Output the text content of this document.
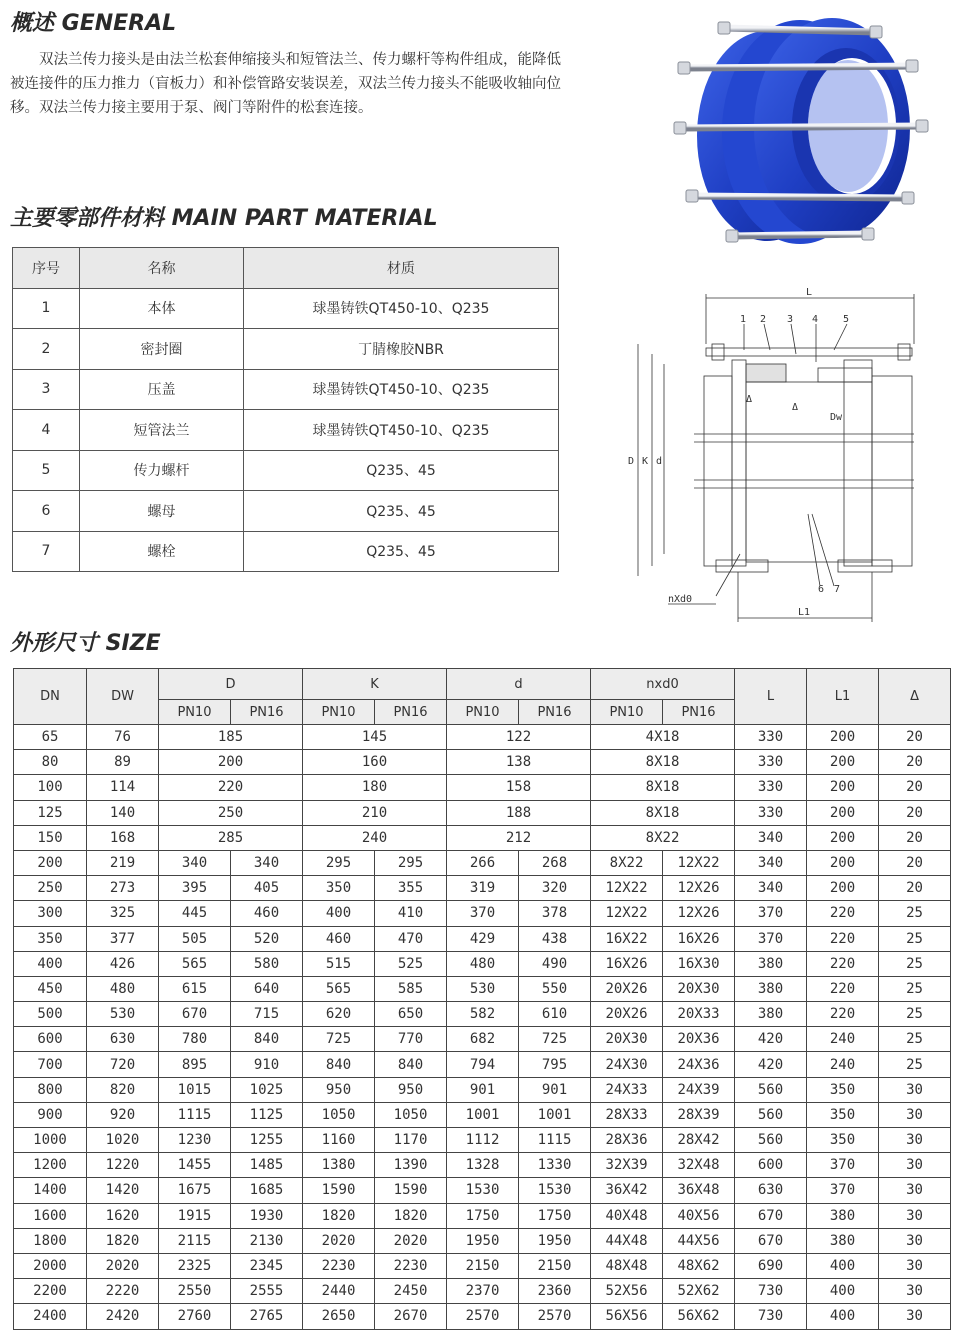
概述 GENERAL
双法兰传力接头是由法兰松套伸缩接头和短管法兰、传力螺杆等构件组成，能降低被连接件的压力推力（盲板力）和补偿管路安装误差，双法兰传力接头不能吸收轴向位移。双法兰传力接主要用于泵、阀门等附件的松套连接。
主要零部件材料 MAIN PART MATERIAL
序号	名称	材质
1	本体	球墨铸铁QT450-10、Q235
2	密封圈	丁腈橡胶NBR
3	压盖	球墨铸铁QT450-10、Q235
4	短管法兰	球墨铸铁QT450-10、Q235
5	传力螺杆	Q235、45
6	螺母	Q235、45
7	螺栓	Q235、45
L
1 2 3 4 5
D K d
Dw
Δ
Δ
6 7
nXd0
L1
外形尺寸 SIZE
DN	DW	D		K		d		nxd0		L	L1	Δ
		PN10	PN16	PN10	PN16	PN10	PN16	PN10	PN16			
65	76	185		145		122		4X18		330	200	20
80	89	200		160		138		8X18		330	200	20
100	114	220		180		158		8X18		330	200	20
125	140	250		210		188		8X18		330	200	20
150	168	285		240		212		8X22		340	200	20
200	219	340	340	295	295	266	268	8X22	12X22	340	200	20
250	273	395	405	350	355	319	320	12X22	12X26	340	200	20
300	325	445	460	400	410	370	378	12X22	12X26	370	220	25
350	377	505	520	460	470	429	438	16X22	16X26	370	220	25
400	426	565	580	515	525	480	490	16X26	16X30	380	220	25
450	480	615	640	565	585	530	550	20X26	20X30	380	220	25
500	530	670	715	620	650	582	610	20X26	20X33	380	220	25
600	630	780	840	725	770	682	725	20X30	20X36	420	240	25
700	720	895	910	840	840	794	795	24X30	24X36	420	240	25
800	820	1015	1025	950	950	901	901	24X33	24X39	560	350	30
900	920	1115	1125	1050	1050	1001	1001	28X33	28X39	560	350	30
1000	1020	1230	1255	1160	1170	1112	1115	28X36	28X42	560	350	30
1200	1220	1455	1485	1380	1390	1328	1330	32X39	32X48	600	370	30
1400	1420	1675	1685	1590	1590	1530	1530	36X42	36X48	630	370	30
1600	1620	1915	1930	1820	1820	1750	1750	40X48	40X56	670	380	30
1800	1820	2115	2130	2020	2020	1950	1950	44X48	44X56	670	380	30
2000	2020	2325	2345	2230	2230	2150	2150	48X48	48X62	690	400	30
2200	2220	2550	2555	2440	2450	2370	2360	52X56	52X62	730	400	30
2400	2420	2760	2765	2650	2670	2570	2570	56X56	56X62	730	400	30
